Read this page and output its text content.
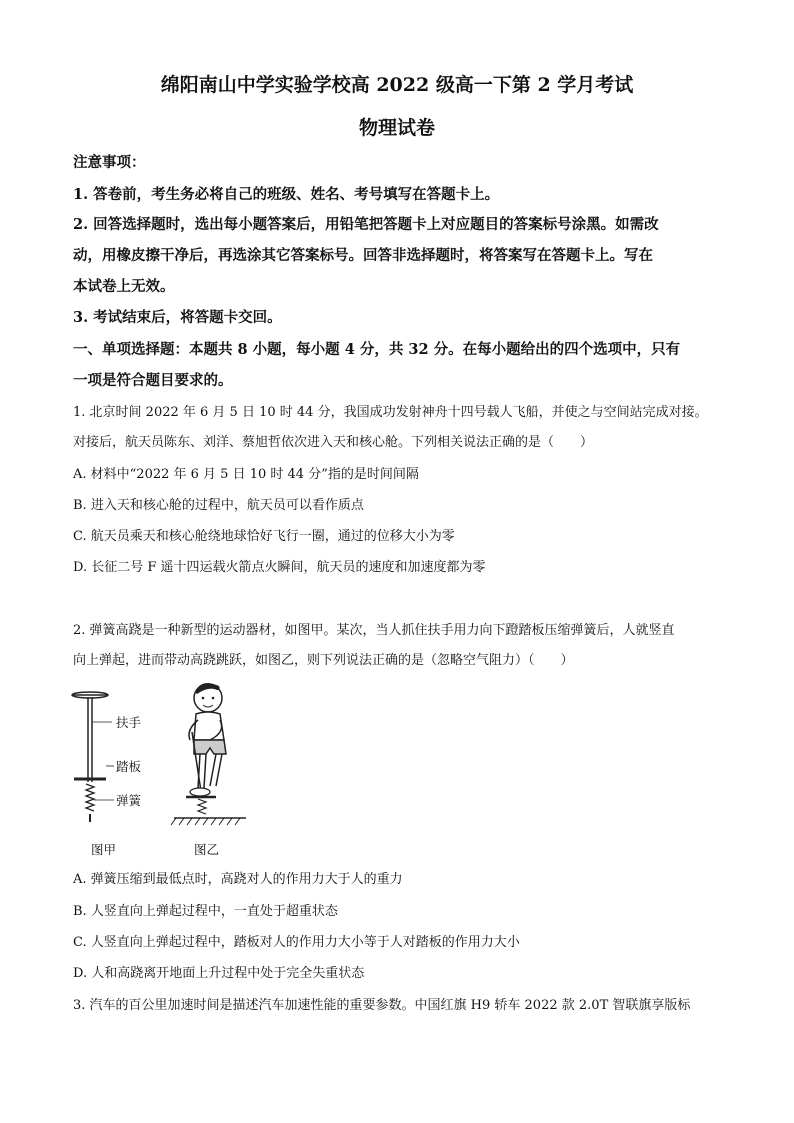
绵阳南山中学实验学校高 2022 级高一下第 2 学月考试
物理试卷
注意事项：
1. 答卷前，考生务必将自己的班级、姓名、考号填写在答题卡上。
2. 回答选择题时，选出每小题答案后，用铅笔把答题卡上对应题目的答案标号涂黑。如需改
动，用橡皮擦干净后，再选涂其它答案标号。回答非选择题时，将答案写在答题卡上。写在
本试卷上无效。
3. 考试结束后，将答题卡交回。
一、单项选择题：本题共 8 小题，每小题 4 分，共 32 分。在每小题给出的四个选项中，只有
一项是符合题目要求的。
1. 北京时间 2022 年 6 月 5 日 10 时 44 分，我国成功发射神舟十四号载人飞船，并使之与空间站完成对接。
对接后，航天员陈东、刘洋、蔡旭哲依次进入天和核心舱。下列相关说法正确的是（　　）
A. 材料中“2022 年 6 月 5 日 10 时 44 分”指的是时间间隔
B. 进入天和核心舱的过程中，航天员可以看作质点
C. 航天员乘天和核心舱绕地球恰好飞行一圈，通过的位移大小为零
D. 长征二号 F 遥十四运载火箭点火瞬间，航天员的速度和加速度都为零
2. 弹簧高跷是一种新型的运动器材，如图甲。某次，当人抓住扶手用力向下蹬踏板压缩弹簧后，人就竖直
向上弹起，进而带动高跷跳跃，如图乙，则下列说法正确的是（忽略空气阻力）（　　）
扶手
踏板
弹簧
图甲	图乙
A. 弹簧压缩到最低点时，高跷对人的作用力大于人的重力
B. 人竖直向上弹起过程中，一直处于超重状态
C. 人竖直向上弹起过程中，踏板对人的作用力大小等于人对踏板的作用力大小
D. 人和高跷离开地面上升过程中处于完全失重状态
3. 汽车的百公里加速时间是描述汽车加速性能的重要参数。中国红旗 H9 轿车 2022 款 2.0T 智联旗享版标
